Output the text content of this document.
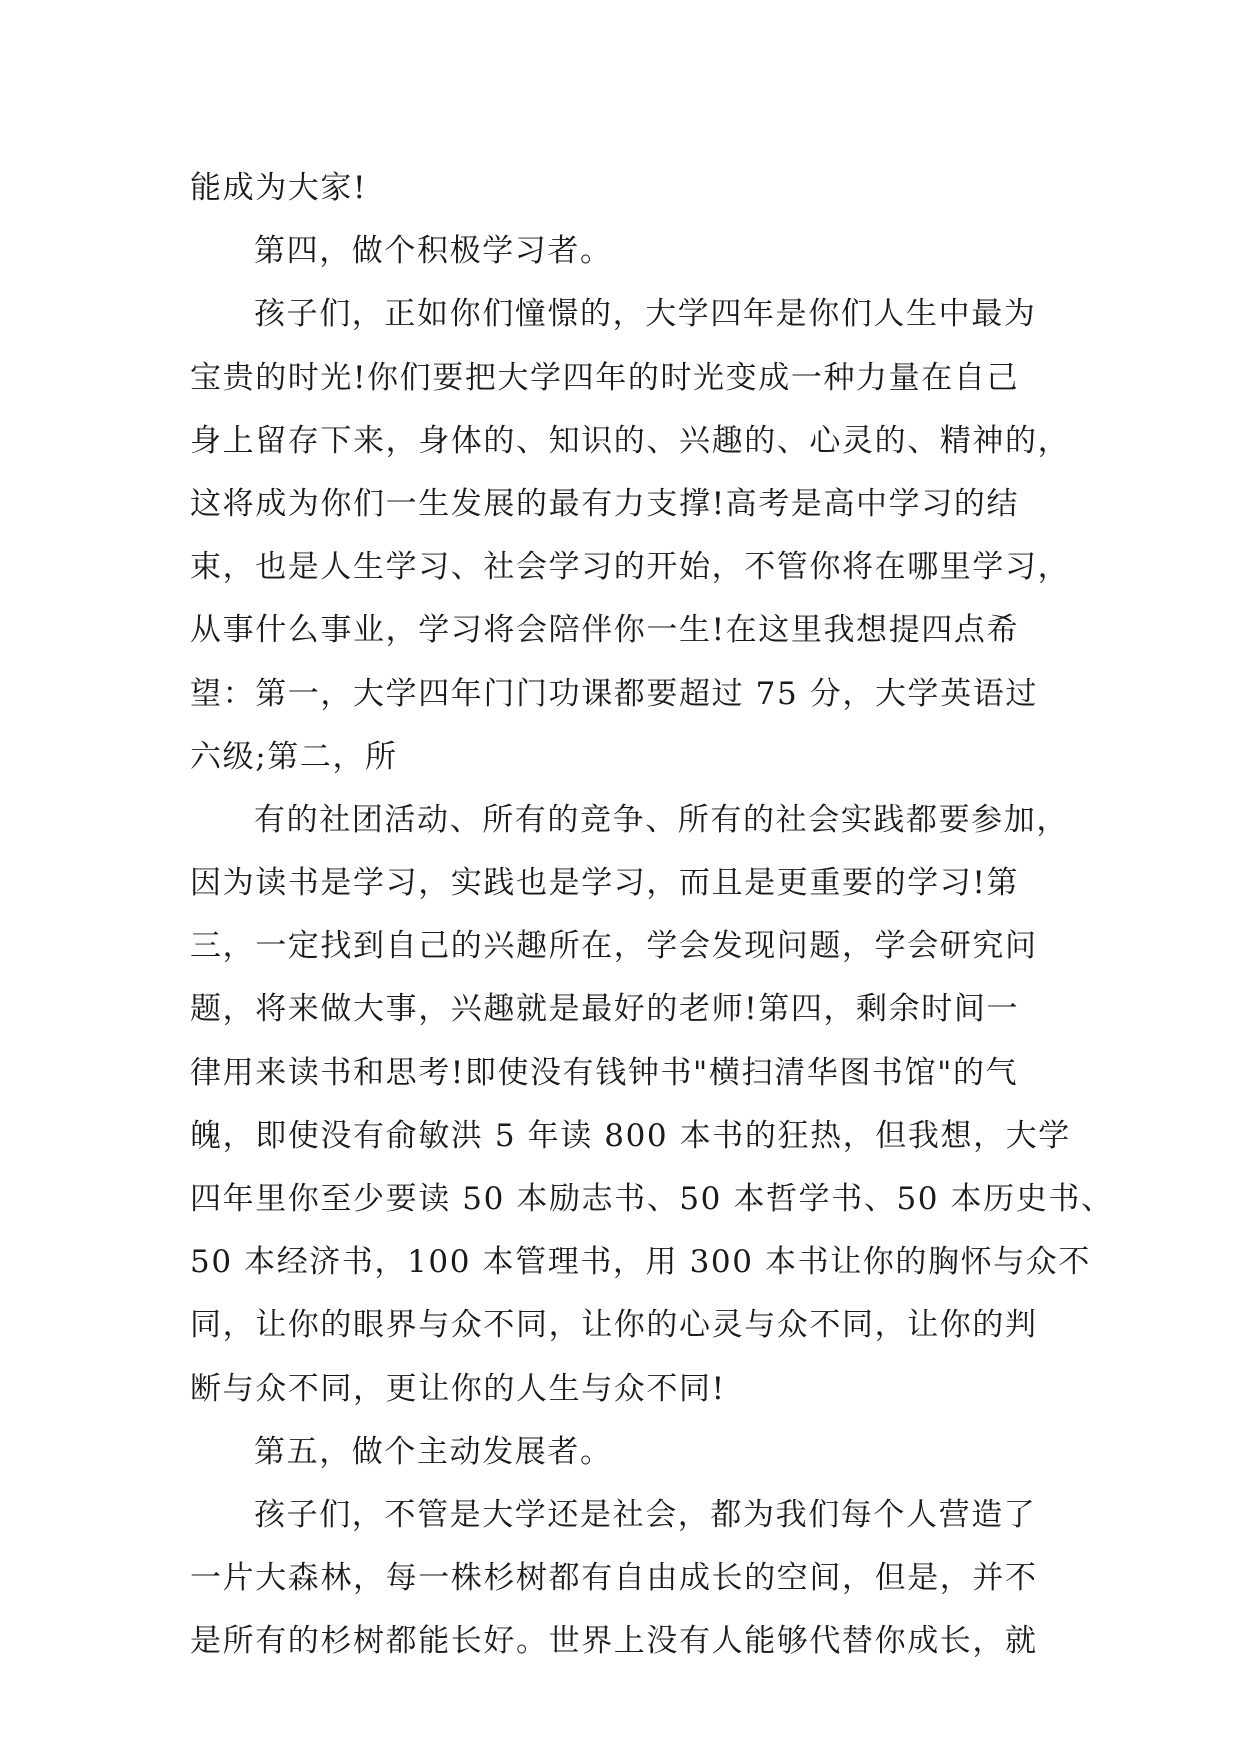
能成为大家!
第四，做个积极学习者。
孩子们，正如你们憧憬的，大学四年是你们人生中最为
宝贵的时光!你们要把大学四年的时光变成一种力量在自己
身上留存下来，身体的、知识的、兴趣的、心灵的、精神的，
这将成为你们一生发展的最有力支撑!高考是高中学习的结
束，也是人生学习、社会学习的开始，不管你将在哪里学习，
从事什么事业，学习将会陪伴你一生!在这里我想提四点希
望：第一，大学四年门门功课都要超过 75 分，大学英语过
六级;第二，所
有的社团活动、所有的竞争、所有的社会实践都要参加，
因为读书是学习，实践也是学习，而且是更重要的学习!第
三，一定找到自己的兴趣所在，学会发现问题，学会研究问
题，将来做大事，兴趣就是最好的老师!第四，剩余时间一
律用来读书和思考!即使没有钱钟书"横扫清华图书馆"的气
魄，即使没有俞敏洪 5 年读 800 本书的狂热，但我想，大学
四年里你至少要读 50 本励志书、50 本哲学书、50 本历史书、
50 本经济书，100 本管理书，用 300 本书让你的胸怀与众不
同，让你的眼界与众不同，让你的心灵与众不同，让你的判
断与众不同，更让你的人生与众不同!
第五，做个主动发展者。
孩子们，不管是大学还是社会，都为我们每个人营造了
一片大森林，每一株杉树都有自由成长的空间，但是，并不
是所有的杉树都能长好。世界上没有人能够代替你成长，就
